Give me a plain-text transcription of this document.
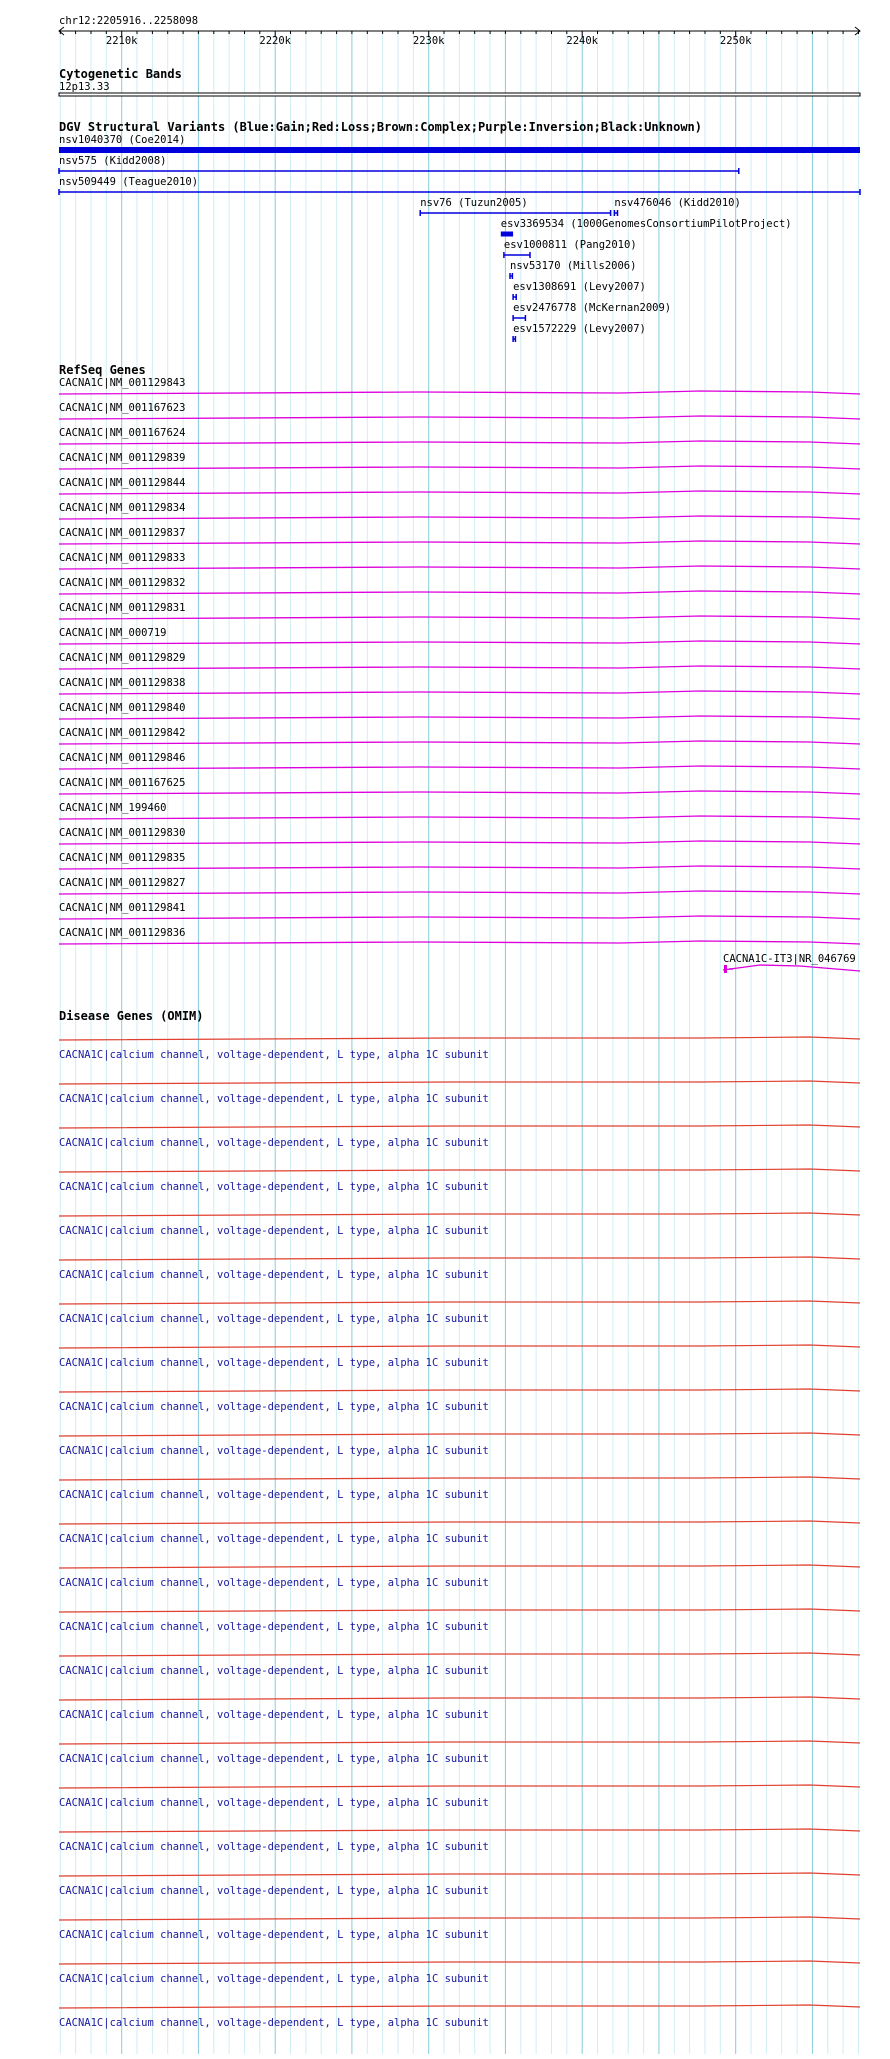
chr12:2205916..2258098
2210k	2220k	2230k	2240k	2250k
Cytogenetic Bands
12p13.33
DGV Structural Variants (Blue:Gain;Red:Loss;Brown:Complex;Purple:Inversion;Black:Unknown)
nsv1040370 (Coe2014)
nsv575 (Kidd2008)
nsv509449 (Teague2010)
nsv76 (Tuzun2005)	nsv476046 (Kidd2010)
esv3369534 (1000GenomesConsortiumPilotProject)
esv1000811 (Pang2010)
nsv53170 (Mills2006)
esv1308691 (Levy2007)
esv2476778 (McKernan2009)
esv1572229 (Levy2007)
RefSeq Genes
CACNA1C|NM_001129843
CACNA1C|NM_001167623
CACNA1C|NM_001167624
CACNA1C|NM_001129839
CACNA1C|NM_001129844
CACNA1C|NM_001129834
CACNA1C|NM_001129837
CACNA1C|NM_001129833
CACNA1C|NM_001129832
CACNA1C|NM_001129831
CACNA1C|NM_000719
CACNA1C|NM_001129829
CACNA1C|NM_001129838
CACNA1C|NM_001129840
CACNA1C|NM_001129842
CACNA1C|NM_001129846
CACNA1C|NM_001167625
CACNA1C|NM_199460
CACNA1C|NM_001129830
CACNA1C|NM_001129835
CACNA1C|NM_001129827
CACNA1C|NM_001129841
CACNA1C|NM_001129836
CACNA1C-IT3|NR_046769
Disease Genes (OMIM)
CACNA1C|calcium channel, voltage-dependent, L type, alpha 1C subunit
CACNA1C|calcium channel, voltage-dependent, L type, alpha 1C subunit
CACNA1C|calcium channel, voltage-dependent, L type, alpha 1C subunit
CACNA1C|calcium channel, voltage-dependent, L type, alpha 1C subunit
CACNA1C|calcium channel, voltage-dependent, L type, alpha 1C subunit
CACNA1C|calcium channel, voltage-dependent, L type, alpha 1C subunit
CACNA1C|calcium channel, voltage-dependent, L type, alpha 1C subunit
CACNA1C|calcium channel, voltage-dependent, L type, alpha 1C subunit
CACNA1C|calcium channel, voltage-dependent, L type, alpha 1C subunit
CACNA1C|calcium channel, voltage-dependent, L type, alpha 1C subunit
CACNA1C|calcium channel, voltage-dependent, L type, alpha 1C subunit
CACNA1C|calcium channel, voltage-dependent, L type, alpha 1C subunit
CACNA1C|calcium channel, voltage-dependent, L type, alpha 1C subunit
CACNA1C|calcium channel, voltage-dependent, L type, alpha 1C subunit
CACNA1C|calcium channel, voltage-dependent, L type, alpha 1C subunit
CACNA1C|calcium channel, voltage-dependent, L type, alpha 1C subunit
CACNA1C|calcium channel, voltage-dependent, L type, alpha 1C subunit
CACNA1C|calcium channel, voltage-dependent, L type, alpha 1C subunit
CACNA1C|calcium channel, voltage-dependent, L type, alpha 1C subunit
CACNA1C|calcium channel, voltage-dependent, L type, alpha 1C subunit
CACNA1C|calcium channel, voltage-dependent, L type, alpha 1C subunit
CACNA1C|calcium channel, voltage-dependent, L type, alpha 1C subunit
CACNA1C|calcium channel, voltage-dependent, L type, alpha 1C subunit
